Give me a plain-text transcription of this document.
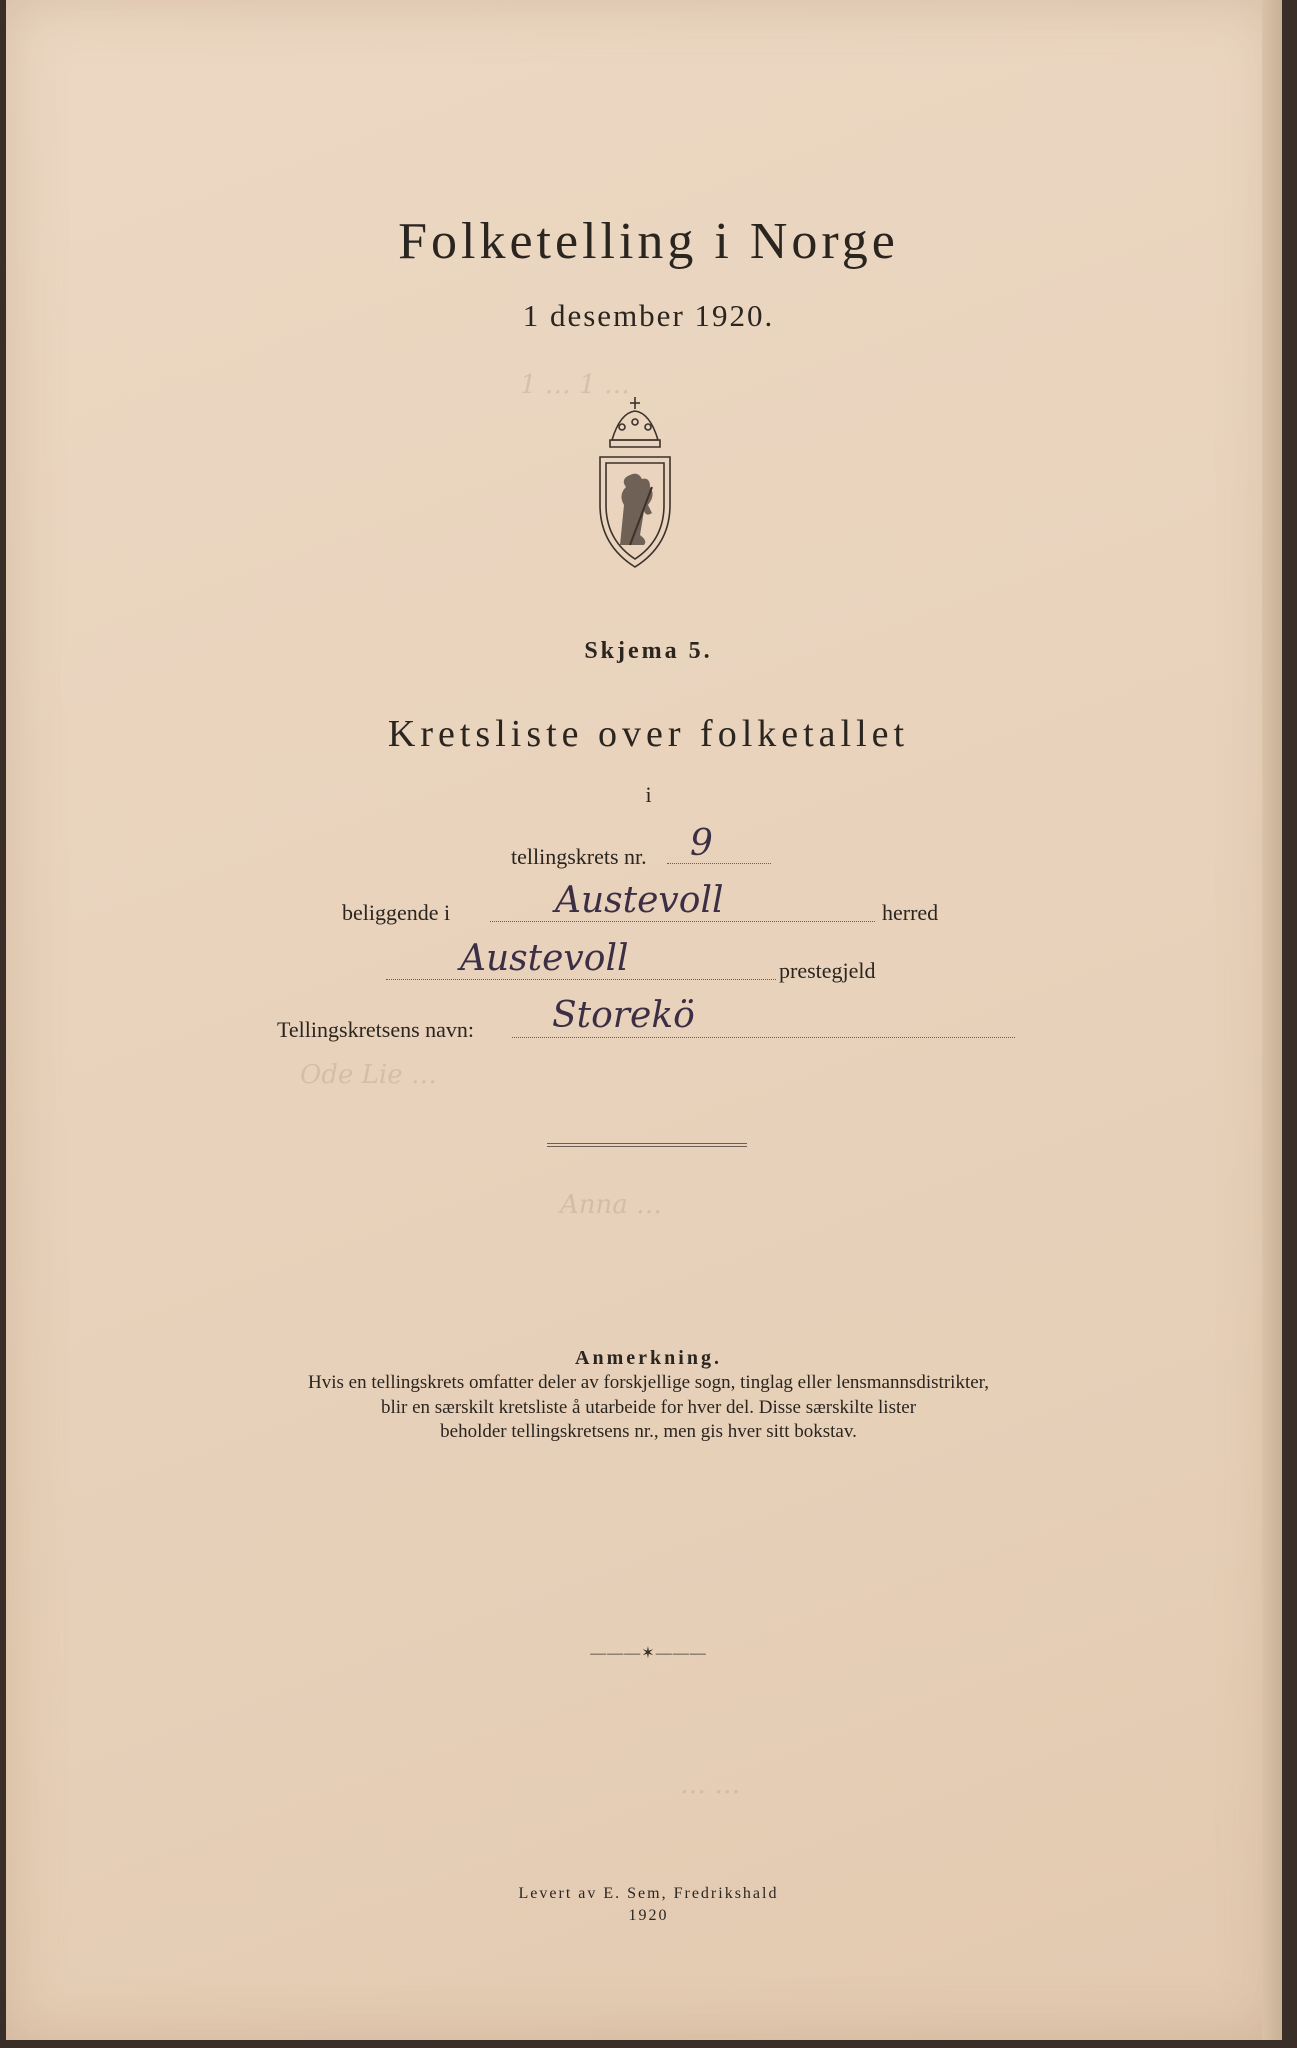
1 … 1 …
Ode Lie …
Anna …
… …
Folketelling i Norge
1 desember 1920.
Skjema 5.
Kretsliste over folketallet
i
tellingskrets nr. 9
beliggende i	Austevoll	herred
Austevoll	prestegjeld
Tellingskretsens navn: Storekö
Anmerkning.
Hvis en tellingskrets omfatter deler av forskjellige sogn, tinglag eller lensmannsdistrikter,
blir en særskilt kretsliste å utarbeide for hver del. Disse særskilte lister
beholder tellingskretsens nr., men gis hver sitt bokstav.
———✶———
Levert av E. Sem, Fredrikshald
1920
